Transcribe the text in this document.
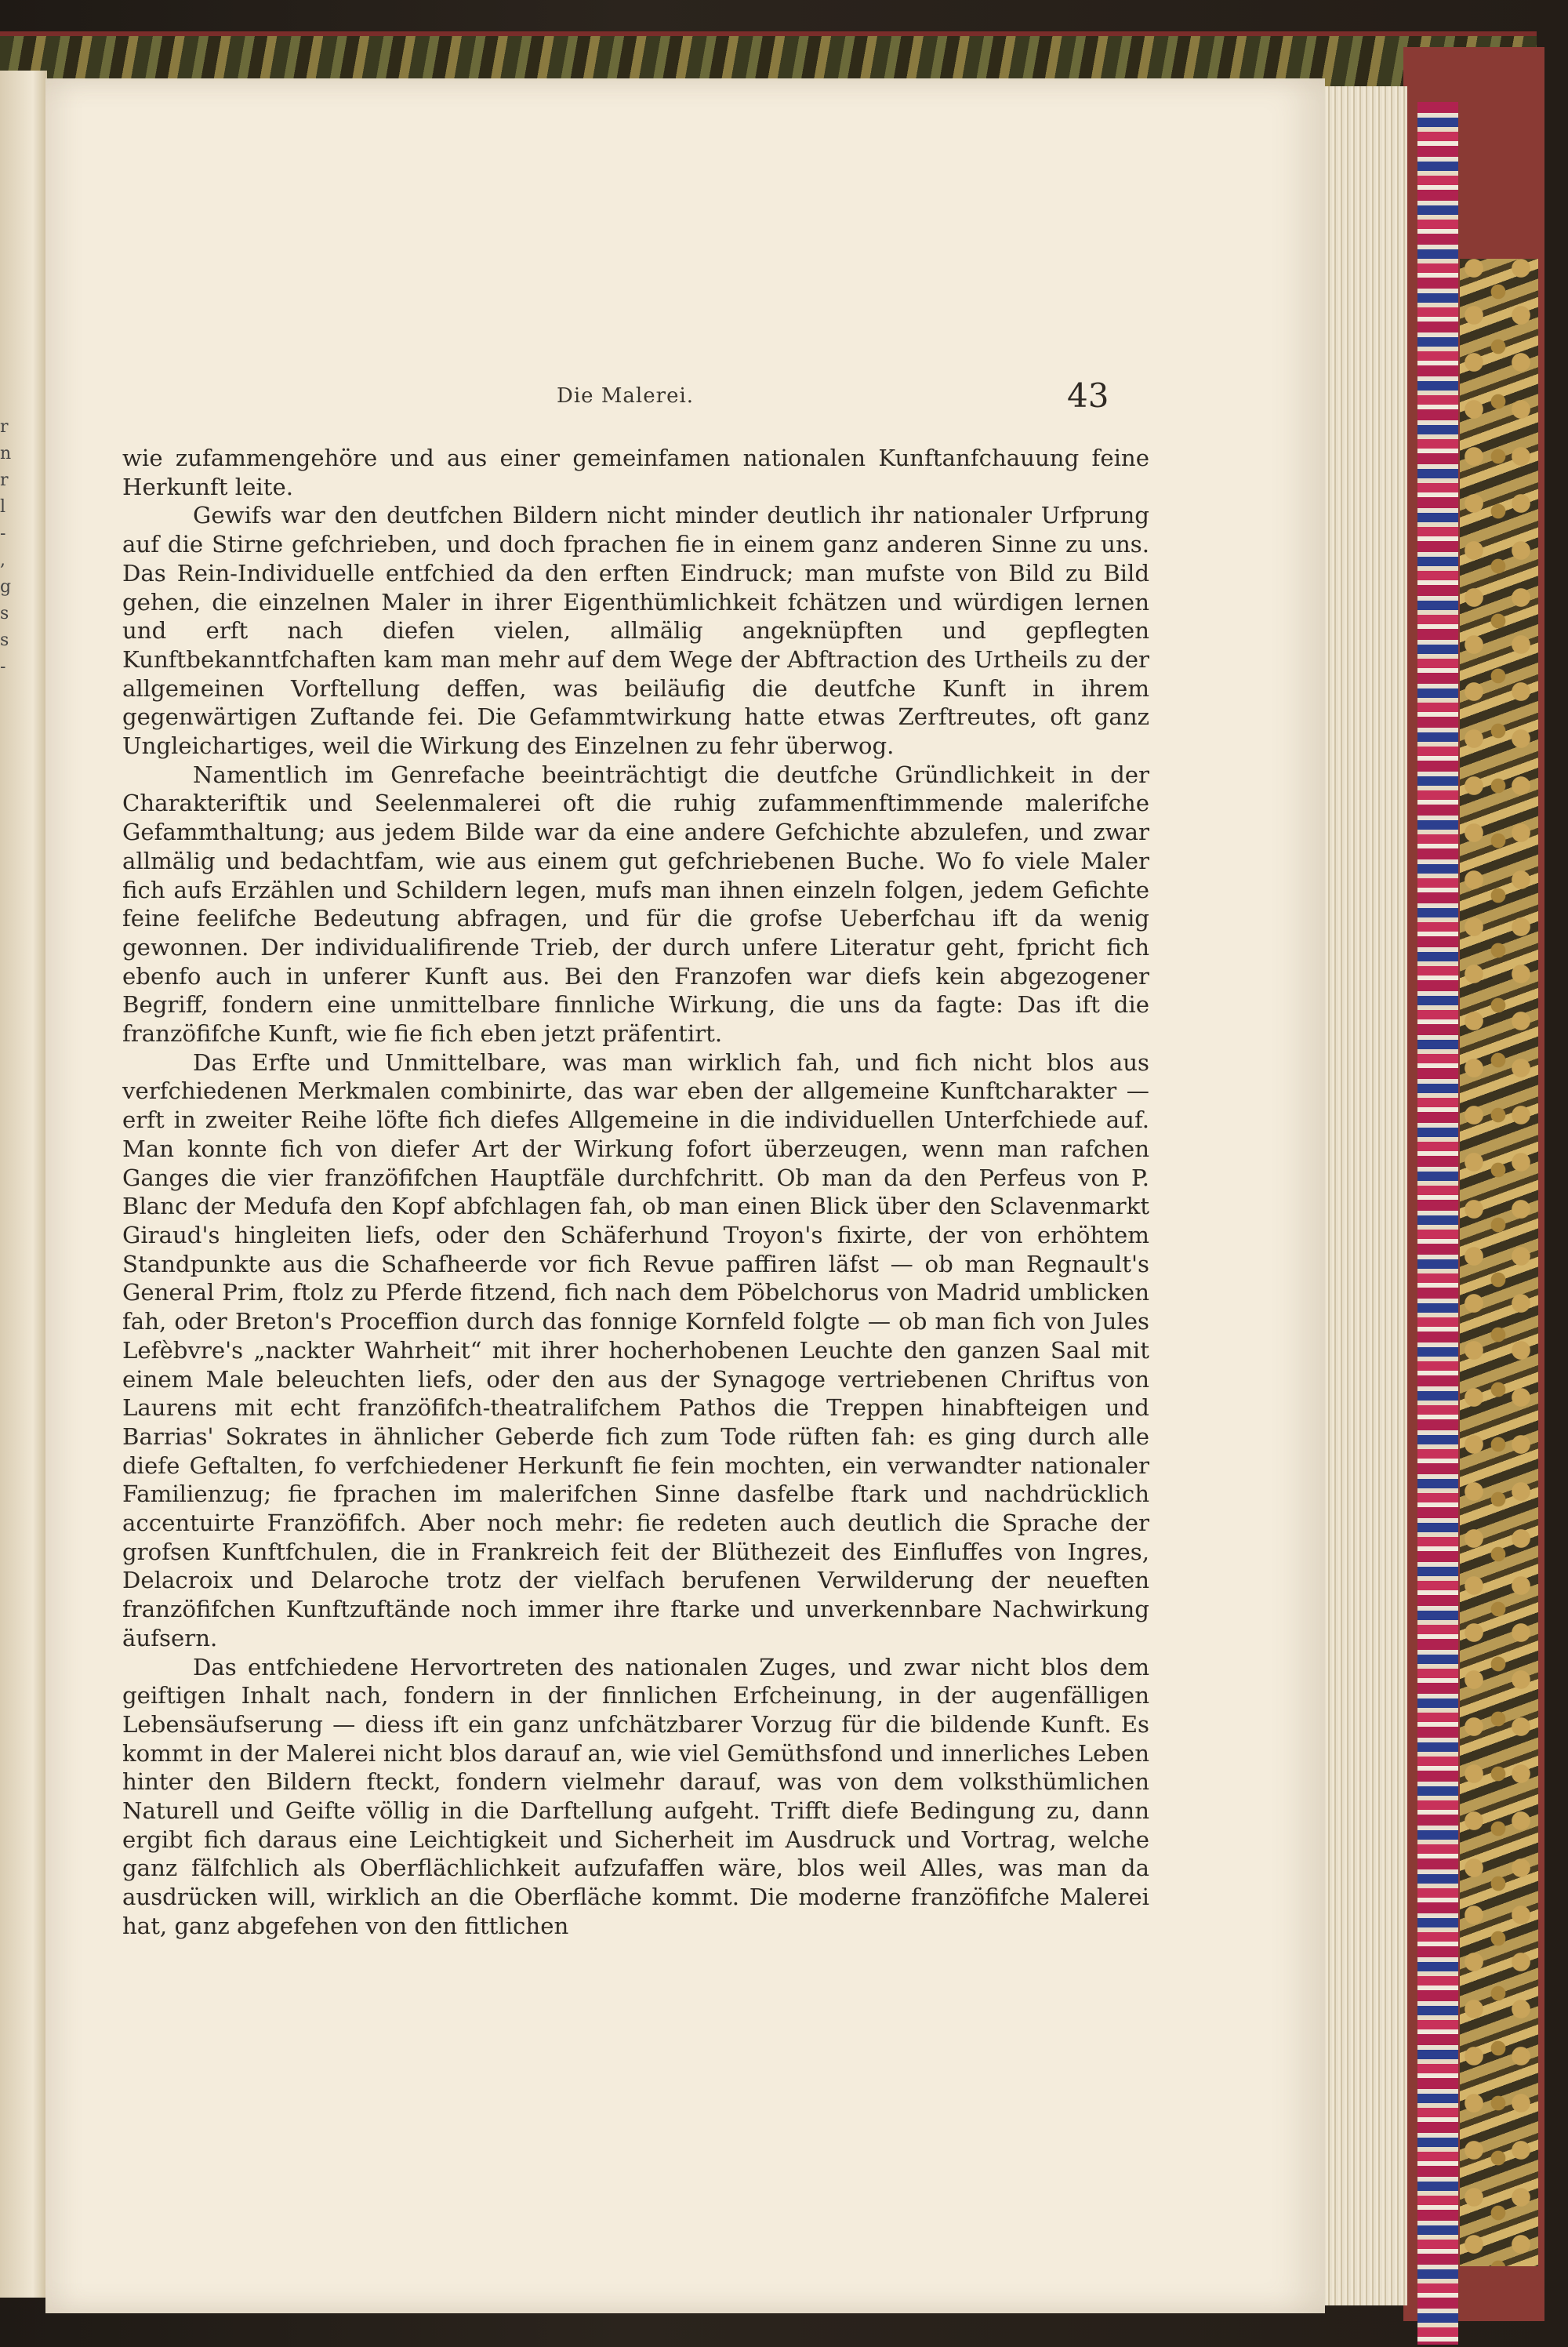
r
n
r
l
-
,
g
s
s
-
Die Malerei.	43

wie zufammengehöre und aus einer gemeinfamen nationalen Kunftanfchauung feine Herkunft leite.

Gewifs war den deutfchen Bildern nicht minder deutlich ihr nationaler Urfprung auf die Stirne gefchrieben, und doch fprachen fie in einem ganz anderen Sinne zu uns. Das Rein-Individuelle entfchied da den erften Eindruck; man mufste von Bild zu Bild gehen, die einzelnen Maler in ihrer Eigenthümlichkeit fchätzen und würdigen lernen und erft nach diefen vielen, allmälig angeknüpften und gepflegten Kunftbekanntfchaften kam man mehr auf dem Wege der Abftraction des Urtheils zu der allgemeinen Vorftellung deffen, was beiläufig die deutfche Kunft in ihrem gegenwärtigen Zuftande fei. Die Gefammtwirkung hatte etwas Zerftreutes, oft ganz Ungleichartiges, weil die Wirkung des Einzelnen zu fehr überwog.

Namentlich im Genrefache beeinträchtigt die deutfche Gründlichkeit in der Charakteriftik und Seelenmalerei oft die ruhig zufammenftimmende malerifche Gefammthaltung; aus jedem Bilde war da eine andere Gefchichte abzulefen, und zwar allmälig und bedachtfam, wie aus einem gut gefchriebenen Buche. Wo fo viele Maler fich aufs Erzählen und Schildern legen, mufs man ihnen einzeln folgen, jedem Gefichte feine feelifche Bedeutung abfragen, und für die grofse Ueberfchau ift da wenig gewonnen. Der individualifirende Trieb, der durch unfere Literatur geht, fpricht fich ebenfo auch in unferer Kunft aus. Bei den Franzofen war diefs kein abgezogener Begriff, fondern eine unmittelbare finnliche Wirkung, die uns da fagte: Das ift die franzöfifche Kunft, wie fie fich eben jetzt präfentirt.

Das Erfte und Unmittelbare, was man wirklich fah, und fich nicht blos aus verfchiedenen Merkmalen combinirte, das war eben der allgemeine Kunftcharakter — erft in zweiter Reihe löfte fich diefes Allgemeine in die individuellen Unterfchiede auf. Man konnte fich von diefer Art der Wirkung fofort überzeugen, wenn man rafchen Ganges die vier franzöfifchen Hauptfäle durchfchritt. Ob man da den Perfeus von P. Blanc der Medufa den Kopf abfchlagen fah, ob man einen Blick über den Sclavenmarkt Giraud's hingleiten liefs, oder den Schäferhund Troyon's fixirte, der von erhöhtem Standpunkte aus die Schafheerde vor fich Revue paffiren läfst — ob man Regnault's General Prim, ftolz zu Pferde fitzend, fich nach dem Pöbelchorus von Madrid umblicken fah, oder Breton's Proceffion durch das fonnige Kornfeld folgte — ob man fich von Jules Lefèbvre's „nackter Wahrheit“ mit ihrer hocherhobenen Leuchte den ganzen Saal mit einem Male beleuchten liefs, oder den aus der Synagoge vertriebenen Chriftus von Laurens mit echt franzöfifch-theatralifchem Pathos die Treppen hinabfteigen und Barrias' Sokrates in ähnlicher Geberde fich zum Tode rüften fah: es ging durch alle diefe Geftalten, fo verfchiedener Herkunft fie fein mochten, ein verwandter nationaler Familienzug; fie fprachen im malerifchen Sinne dasfelbe ftark und nachdrücklich accentuirte Franzöfifch. Aber noch mehr: fie redeten auch deutlich die Sprache der grofsen Kunftfchulen, die in Frankreich feit der Blüthezeit des Einfluffes von Ingres, Delacroix und Delaroche trotz der vielfach berufenen Verwilderung der neueften franzöfifchen Kunftzuftände noch immer ihre ftarke und unverkennbare Nachwirkung äufsern.

Das entfchiedene Hervortreten des nationalen Zuges, und zwar nicht blos dem geiftigen Inhalt nach, fondern in der finnlichen Erfcheinung, in der augenfälligen Lebensäufserung — diess ift ein ganz unfchätzbarer Vorzug für die bildende Kunft. Es kommt in der Malerei nicht blos darauf an, wie viel Gemüthsfond und innerliches Leben hinter den Bildern fteckt, fondern vielmehr darauf, was von dem volksthümlichen Naturell und Geifte völlig in die Darftellung aufgeht. Trifft diefe Bedingung zu, dann ergibt fich daraus eine Leichtigkeit und Sicherheit im Ausdruck und Vortrag, welche ganz fälfchlich als Oberflächlichkeit aufzufaffen wäre, blos weil Alles, was man da ausdrücken will, wirklich an die Oberfläche kommt. Die moderne franzöfifche Malerei hat, ganz abgefehen von den fittlichen
